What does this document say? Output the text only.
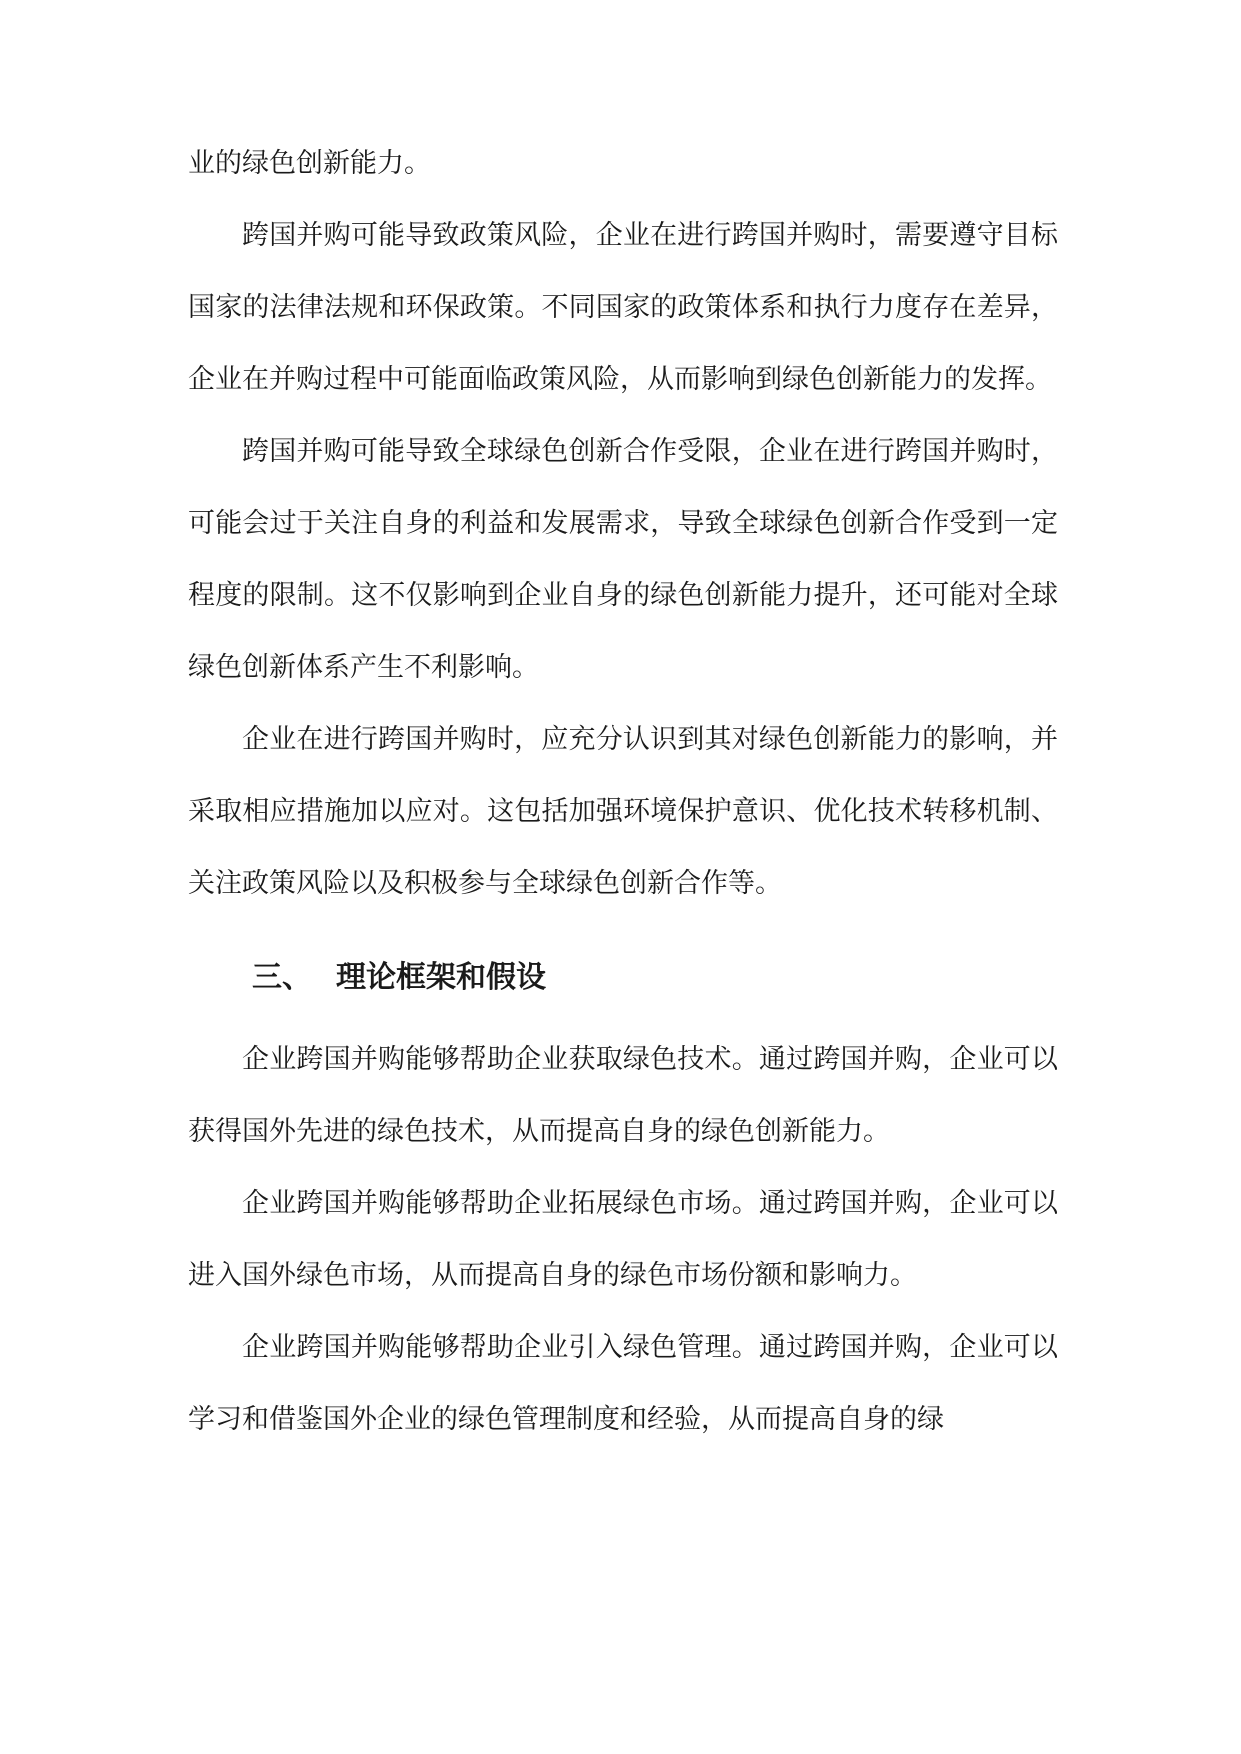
业的绿色创新能力。

跨国并购可能导致政策风险，企业在进行跨国并购时，需要遵守目标国家的法律法规和环保政策。不同国家的政策体系和执行力度存在差异，企业在并购过程中可能面临政策风险，从而影响到绿色创新能力的发挥。

跨国并购可能导致全球绿色创新合作受限，企业在进行跨国并购时，可能会过于关注自身的利益和发展需求，导致全球绿色创新合作受到一定程度的限制。这不仅影响到企业自身的绿色创新能力提升，还可能对全球绿色创新体系产生不利影响。

企业在进行跨国并购时，应充分认识到其对绿色创新能力的影响，并采取相应措施加以应对。这包括加强环境保护意识、优化技术转移机制、关注政策风险以及积极参与全球绿色创新合作等。

三、 理论框架和假设

企业跨国并购能够帮助企业获取绿色技术。通过跨国并购，企业可以获得国外先进的绿色技术，从而提高自身的绿色创新能力。

企业跨国并购能够帮助企业拓展绿色市场。通过跨国并购，企业可以进入国外绿色市场，从而提高自身的绿色市场份额和影响力。

企业跨国并购能够帮助企业引入绿色管理。通过跨国并购，企业可以学习和借鉴国外企业的绿色管理制度和经验，从而提高自身的绿
